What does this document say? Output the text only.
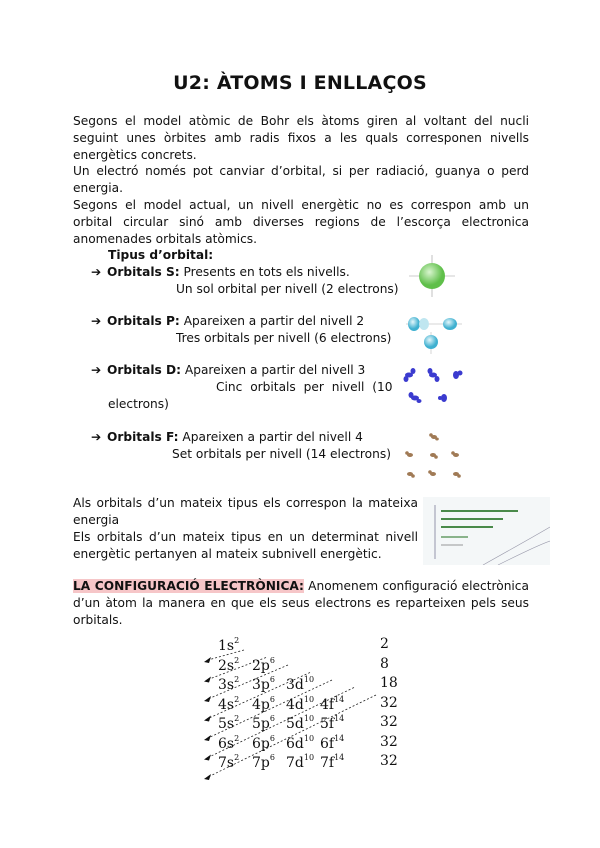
U2: ÀTOMS I ENLLAÇOS

Segons el model atòmic de Bohr els àtoms giren al voltant del nucli seguint unes òrbites amb radis fixos a les quals corresponen nivells energètics concrets.

Un electró només pot canviar d’orbital, si per radiació, guanya o perd energia.

Segons el model actual, un nivell energètic no es correspon amb un orbital circular sinó amb diverses regions de l’escorça electronica anomenades orbitals atòmics.

Tipus d’orbital:
➔ Orbitals S: Presents en tots els nivells.
Un sol orbital per nivell (2 electrons)
➔ Orbitals P: Apareixen a partir del nivell 2
Tres orbitals per nivell (6 electrons)
➔ Orbitals D: Apareixen a partir del nivell 3
Cinc orbitals per nivell (10
electrons)
➔ Orbitals F: Apareixen a partir del nivell 4
Set orbitals per nivell (14 electrons)

Als orbitals d’un mateix tipus els correspon la mateixa energia

Els orbitals d’un mateix tipus en un determinat nivell energètic pertanyen al mateix subnivell energètic.

LA CONFIGURACIÓ ELECTRÒNICA: Anomenem configuració electrònica d’un àtom la manera en que els seus electrons es reparteixen pels seus orbitals.

$1s^2$	2
$2s^2$ $2p^6$	8
$3s^2$ $3p^6$ $3d^{10}$	18
$4s^2$ $4p^6$ $4d^{10}$ $4f^{14}$	32
$5s^2$ $5p^6$ $5d^{10}$ $5f^{14}$	32
$6s^2$ $6p^6$ $6d^{10}$ $6f^{14}$	32
$7s^2$ $7p^6$ $7d^{10}$ $7f^{14}$	32
